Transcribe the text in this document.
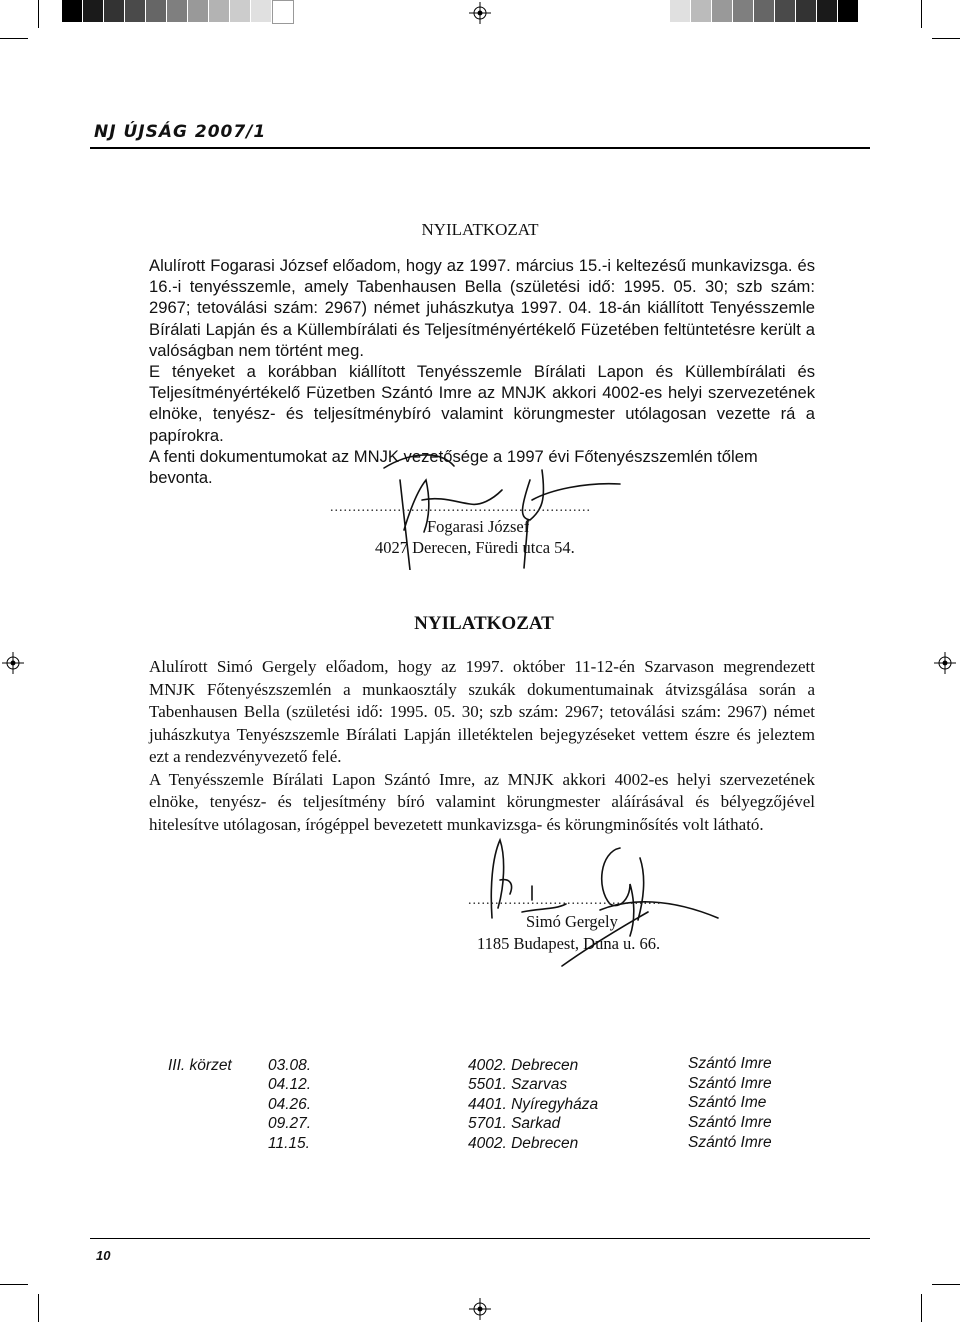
NJ ÚJSÁG 2007/1
NYILATKOZAT

Alulírott Fogarasi József előadom, hogy az 1997. március 15.-i keltezésű munkavizsga. és 16.-i tenyésszemle, amely Tabenhausen Bella (születési idő: 1995. 05. 30; szb szám: 2967; tetoválási szám: 2967) német juhászkutya 1997. 04. 18-án kiállított Tenyésszemle Bírálati Lapján és a Küllembírálati és Teljesítményértékelő Füzetében feltüntetésre került a valóságban nem történt meg.

E tényeket a korábban kiállított Tenyésszemle Bírálati Lapon és Küllembírálati és Teljesítményértékelő Füzetben Szántó Imre az MNJK akkori 4002-es helyi szervezetének elnöke, tenyész- és teljesítménybíró valamint körungmester utólagosan vezette rá a papírokra.

A fenti dokumentumokat az MNJK vezetősége a 1997 évi Főtenyészszemlén tőlem bevonta.

..........................................................
Fogarasi József
4027 Derecen, Füredi utca 54.
NYILATKOZAT

Alulírott Simó Gergely előadom, hogy az 1997. október 11-12-én Szarvason megrendezett MNJK Főtenyészszemlén a munkaosztály szukák dokumentumainak átvizsgálása során a Tabenhausen Bella (születési idő: 1995. 05. 30; szb szám: 2967; tetoválási szám: 2967) német juhászkutya Tenyészszemle Bírálati Lapján illetéktelen bejegyzéseket vettem észre és jeleztem ezt a rendezvényvezető felé.

A Tenyésszemle Bírálati Lapon Szántó Imre, az MNJK akkori 4002-es helyi szervezetének elnöke, tenyész- és teljesítmény bíró valamint körungmester aláírásával és bélyegzőjével hitelesítve utólagosan, írógéppel bevezetett munkavizsga- és körungminősítés volt látható.

...........................................
Simó Gergely
1185 Budapest, Duna u. 66.
III. körzet 03.08.	4002. Debrecen	Szántó Imre
04.12.	5501. Szarvas	Szántó Imre
04.26.	4401. Nyíregyháza	Szántó Ime
09.27.	5701. Sarkad	Szántó Imre
11.15.	4002. Debrecen	Szántó Imre
10
